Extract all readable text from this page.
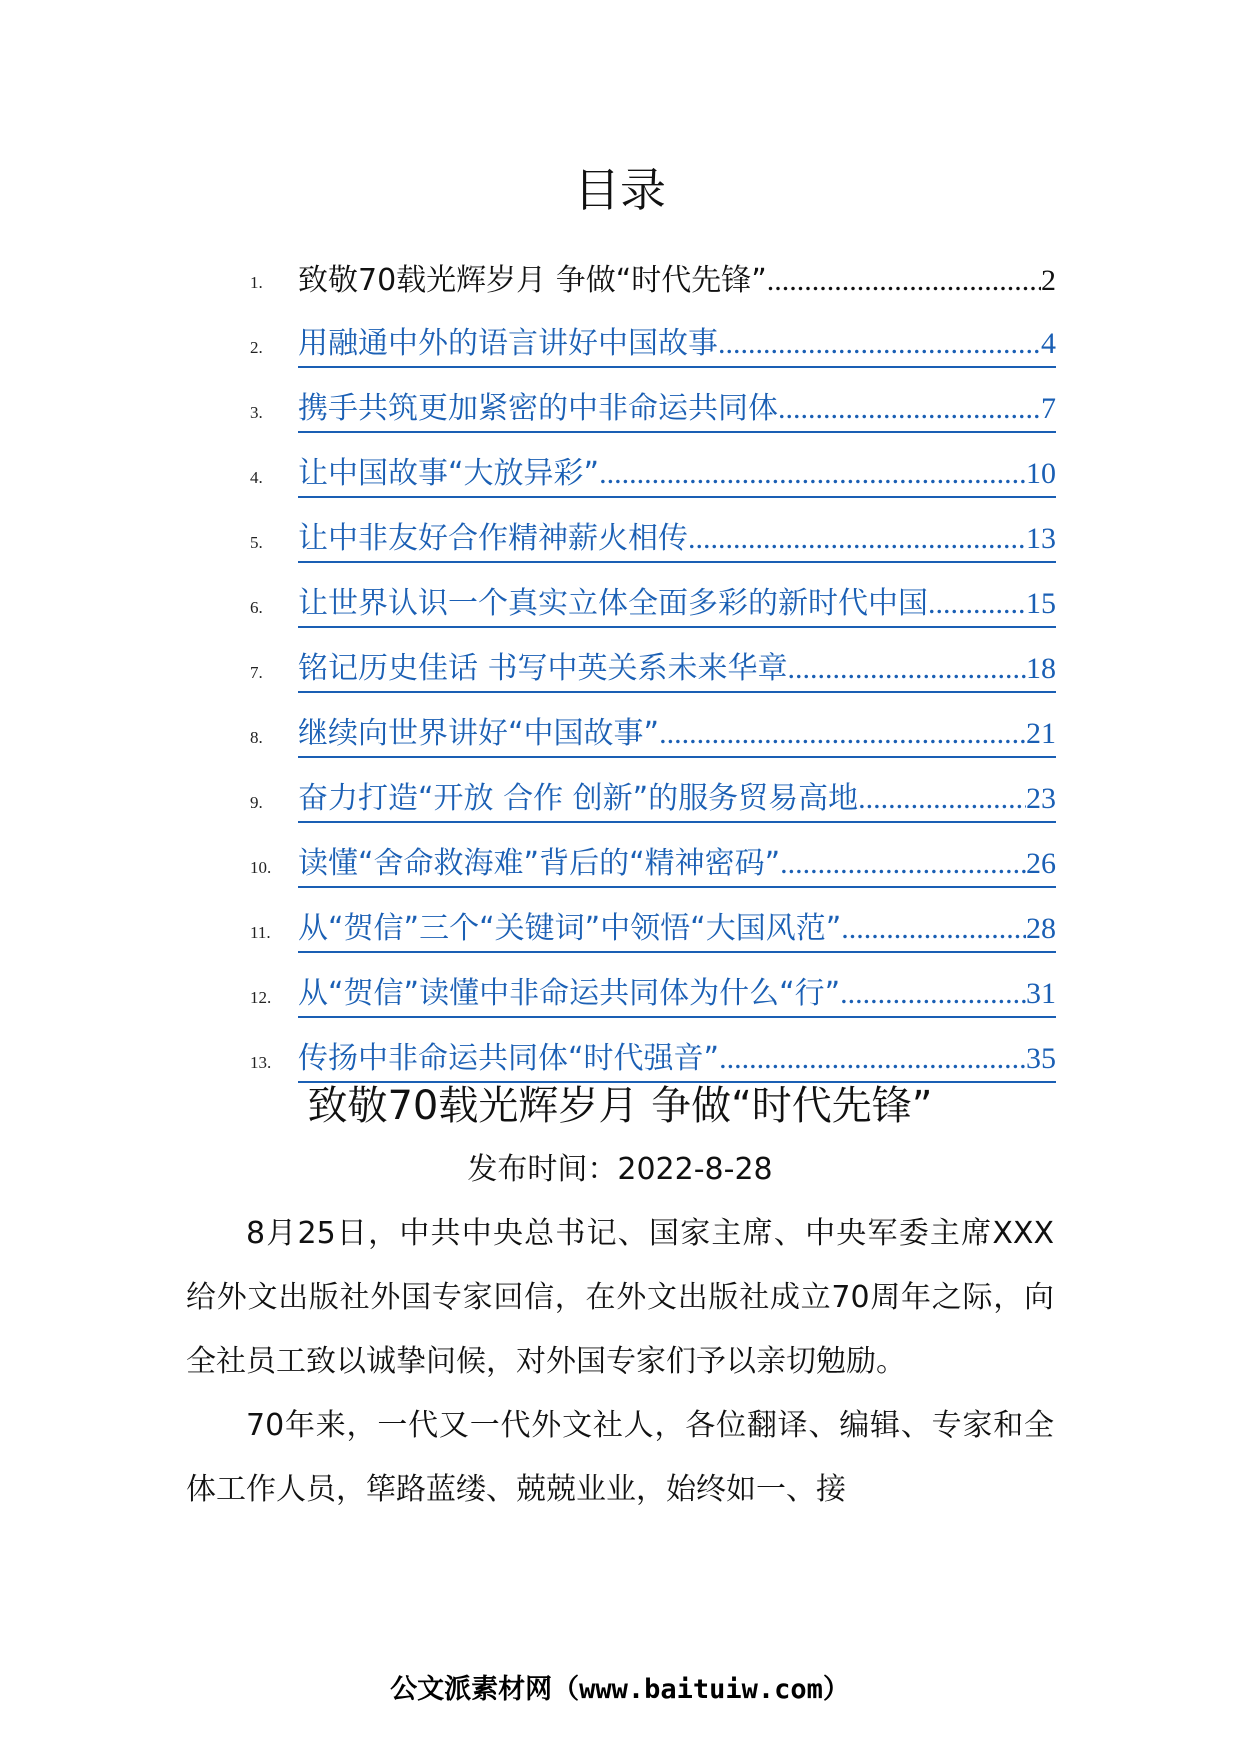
目录
1.	致敬70载光辉岁月 争做“时代先锋” .....	2
2.	用融通中外的语言讲好中国故事 .....	4
3.	携手共筑更加紧密的中非命运共同体 .....	7
4.	让中国故事“大放异彩” .....	10
5.	让中非友好合作精神薪火相传 .....	13
6.	让世界认识一个真实立体全面多彩的新时代中国 .....	15
7.	铭记历史佳话 书写中英关系未来华章 .....	18
8.	继续向世界讲好“中国故事” .....	21
9.	奋力打造“开放 合作 创新”的服务贸易高地 .....	23
10. 读懂“舍命救海难”背后的“精神密码” .....	26
11. 从“贺信”三个“关键词”中领悟“大国风范” .....	28
12. 从“贺信”读懂中非命运共同体为什么“行” .....	31
13. 传扬中非命运共同体“时代强音” .....	35
致敬70载光辉岁月 争做“时代先锋”
发布时间：2022-8-28

8月25日，中共中央总书记、国家主席、中央军委主席XXX给外文出版社外国专家回信，在外文出版社成立70周年之际，向全社员工致以诚挚问候，对外国专家们予以亲切勉励。

70年来，一代又一代外文社人，各位翻译、编辑、专家和全体工作人员，筚路蓝缕、兢兢业业，始终如一、接

公文派素材网（www.baituiw.com）
